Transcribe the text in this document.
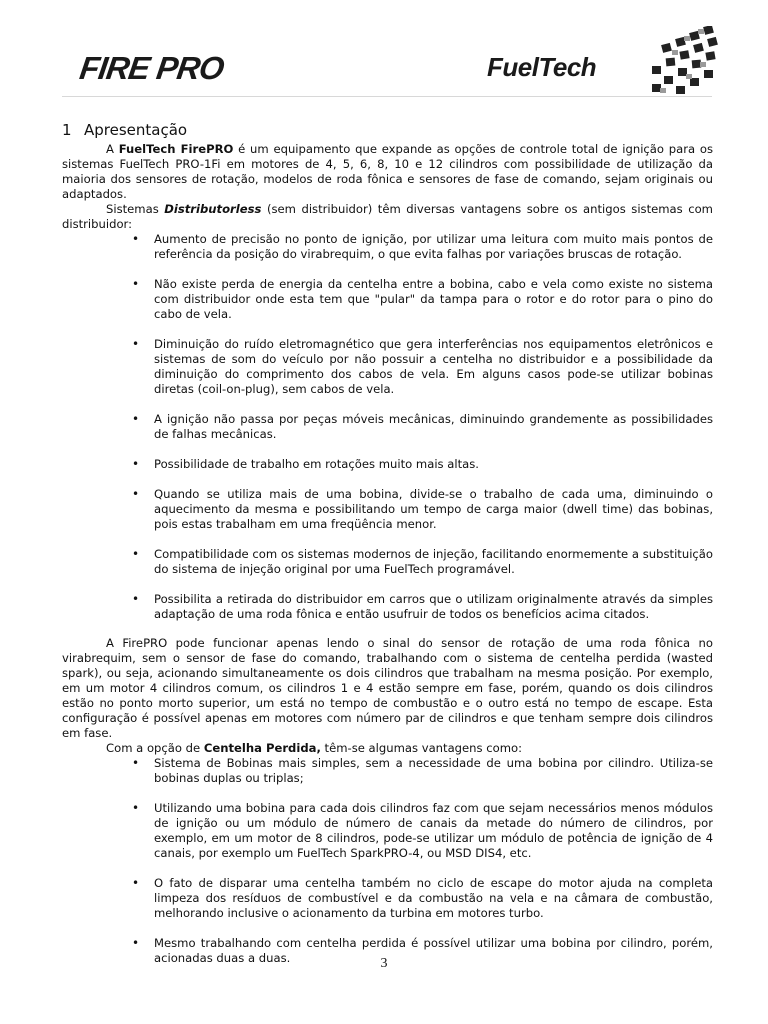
FIRE PRO	FuelTech
1 Apresentação

A FuelTech FirePRO é um equipamento que expande as opções de controle total de ignição para os sistemas FuelTech PRO-1Fi em motores de 4, 5, 6, 8, 10 e 12 cilindros com possibilidade de utilização da maioria dos sensores de rotação, modelos de roda fônica e sensores de fase de comando, sejam originais ou adaptados.

Sistemas Distributorless (sem distribuidor) têm diversas vantagens sobre os antigos sistemas com distribuidor:

• Aumento de precisão no ponto de ignição, por utilizar uma leitura com muito mais pontos de referência da posição do virabrequim, o que evita falhas por variações bruscas de rotação.
• Não existe perda de energia da centelha entre a bobina, cabo e vela como existe no sistema com distribuidor onde esta tem que "pular" da tampa para o rotor e do rotor para o pino do cabo de vela.
• Diminuição do ruído eletromagnético que gera interferências nos equipamentos eletrônicos e sistemas de som do veículo por não possuir a centelha no distribuidor e a possibilidade da diminuição do comprimento dos cabos de vela. Em alguns casos pode-se utilizar bobinas diretas (coil-on-plug), sem cabos de vela.
• A ignição não passa por peças móveis mecânicas, diminuindo grandemente as possibilidades de falhas mecânicas.
• Possibilidade de trabalho em rotações muito mais altas.
• Quando se utiliza mais de uma bobina, divide-se o trabalho de cada uma, diminuindo o aquecimento da mesma e possibilitando um tempo de carga maior (dwell time) das bobinas, pois estas trabalham em uma freqüência menor.
• Compatibilidade com os sistemas modernos de injeção, facilitando enormemente a substituição do sistema de injeção original por uma FuelTech programável.
• Possibilita a retirada do distribuidor em carros que o utilizam originalmente através da simples adaptação de uma roda fônica e então usufruir de todos os benefícios acima citados.

A FirePRO pode funcionar apenas lendo o sinal do sensor de rotação de uma roda fônica no virabrequim, sem o sensor de fase do comando, trabalhando com o sistema de centelha perdida (wasted spark), ou seja, acionando simultaneamente os dois cilindros que trabalham na mesma posição. Por exemplo, em um motor 4 cilindros comum, os cilindros 1 e 4 estão sempre em fase, porém, quando os dois cilindros estão no ponto morto superior, um está no tempo de combustão e o outro está no tempo de escape. Esta configuração é possível apenas em motores com número par de cilindros e que tenham sempre dois cilindros em fase.

Com a opção de Centelha Perdida, têm-se algumas vantagens como:

• Sistema de Bobinas mais simples, sem a necessidade de uma bobina por cilindro. Utiliza-se bobinas duplas ou triplas;
• Utilizando uma bobina para cada dois cilindros faz com que sejam necessários menos módulos de ignição ou um módulo de número de canais da metade do número de cilindros, por exemplo, em um motor de 8 cilindros, pode-se utilizar um módulo de potência de ignição de 4 canais, por exemplo um FuelTech SparkPRO-4, ou MSD DIS4, etc.
• O fato de disparar uma centelha também no ciclo de escape do motor ajuda na completa limpeza dos resíduos de combustível e da combustão na vela e na câmara de combustão, melhorando inclusive o acionamento da turbina em motores turbo.
• Mesmo trabalhando com centelha perdida é possível utilizar uma bobina por cilindro, porém, acionadas duas a duas.	3
